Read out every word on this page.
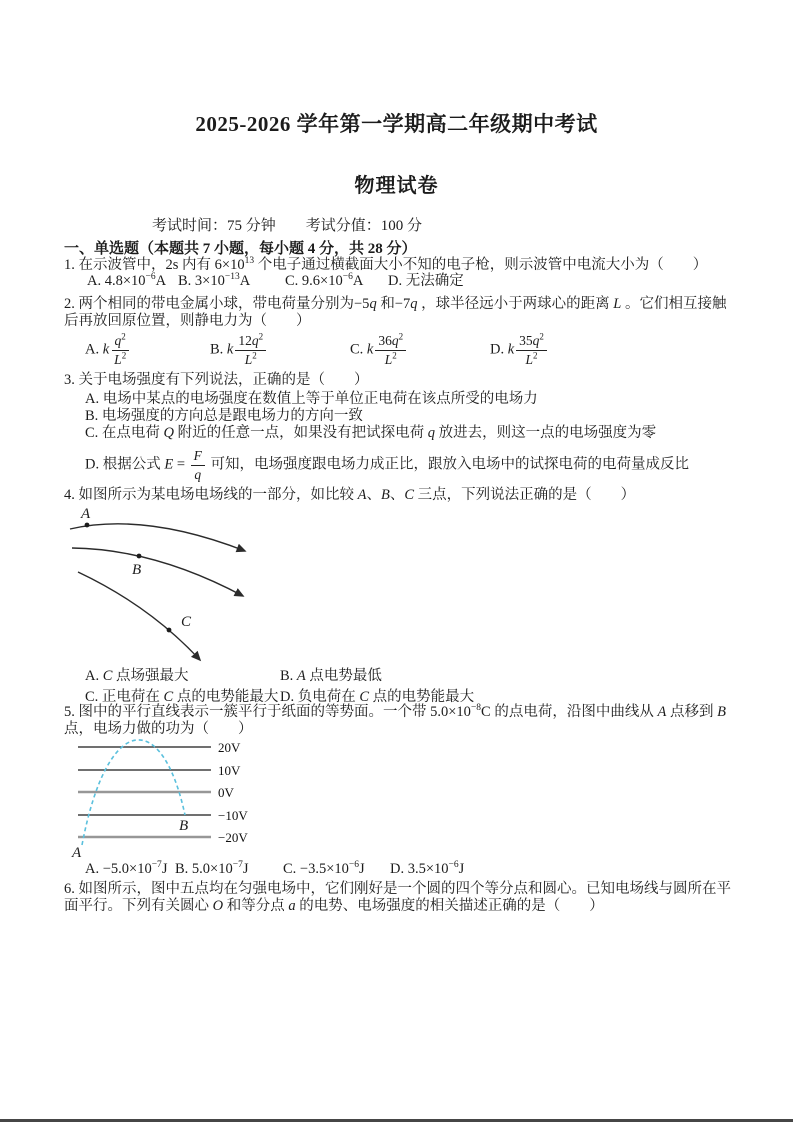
2025-2026 学年第一学期高二年级期中考试
物理试卷
考试时间：75 分钟 考试分值：100 分
一、单选题（本题共 7 小题，每小题 4 分，共 28 分）
1. 在示波管中，2s 内有 $6\times 10^{13}$ 个电子通过横截面大小不知的电子枪，则示波管中电流大小为（　　）
A. $4.8\times 10^{-6}A$ B. $3\times 10^{-13}A$ C. $9.6\times 10^{-6}A$ D. 无法确定
2. 两个相同的带电金属小球，带电荷量分别为−5q 和−7q ，球半径远小于两球心的距离 L 。它们相互接触
后再放回原位置，则静电力为（　　）
A. k $\frac{q^2}{L^2}$	B. k $\frac{12q^2}{L^2}$	C. k $\frac{36q^2}{L^2}$	D. k $\frac{35q^2}{L^2}$
3. 关于电场强度有下列说法，正确的是（　　）
A. 电场中某点的电场强度在数值上等于单位正电荷在该点所受的电场力
B. 电场强度的方向总是跟电场力的方向一致
C. 在点电荷 Q 附近的任意一点，如果没有把试探电荷 q 放进去，则这一点的电场强度为零
D. 根据公式 $E = \frac{F}{q}$ 可知，电场强度跟电场力成正比，跟放入电场中的试探电荷的电荷量成反比
4. 如图所示为某电场电场线的一部分，如比较 A、B、C 三点，下列说法正确的是（　　）
A
B
C
A. C 点场强最大	B. A 点电势最低
C. 正电荷在 C 点的电势能最大 D. 负电荷在 C 点的电势能最大
5. 图中的平行直线表示一簇平行于纸面的等势面。一个带 $5.0\times 10^{-8}C$ 的点电荷，沿图中曲线从 A 点移到 B
点，电场力做的功为（　　）
20V
10V
0V
−10V
−20V
A
B
A. $-5.0\times 10^{-7}J$ B. $5.0\times 10^{-7}J$ C. $-3.5\times 10^{-6}J$ D. $3.5\times 10^{-6}J$
6. 如图所示，图中五点均在匀强电场中，它们刚好是一个圆的四个等分点和圆心。已知电场线与圆所在平
面平行。下列有关圆心 O 和等分点 a 的电势、电场强度的相关描述正确的是（　　）
